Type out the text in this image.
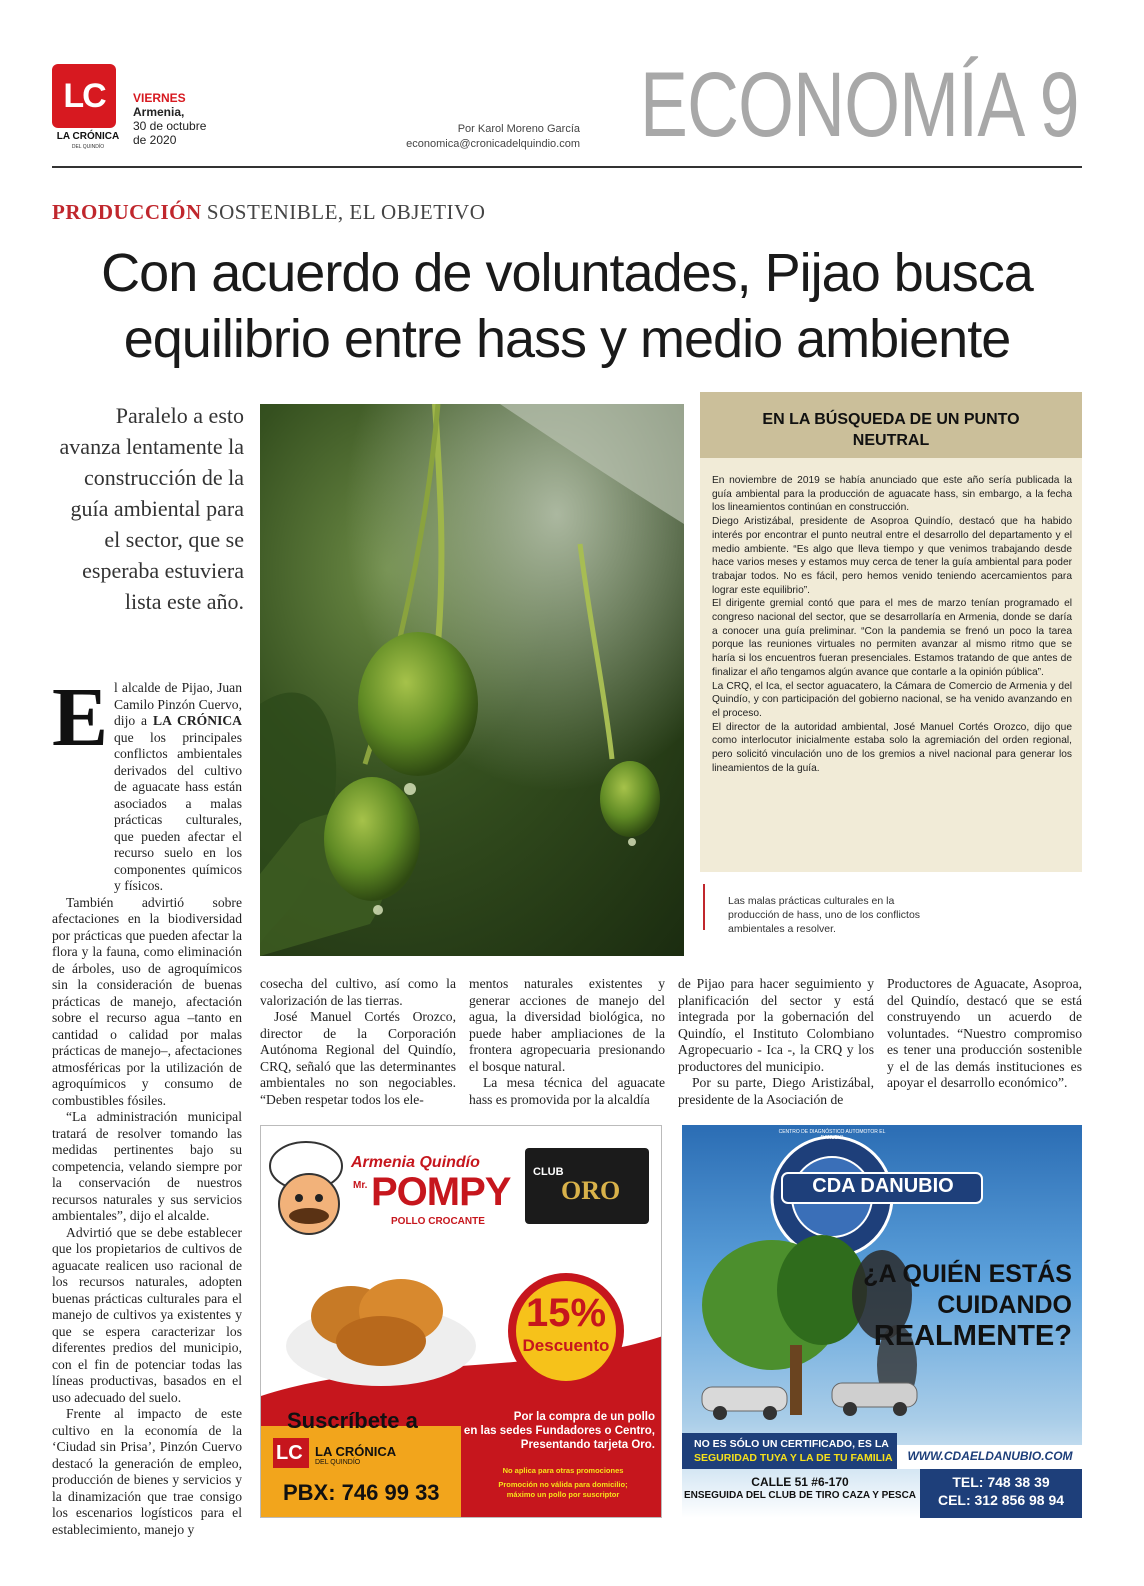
LC
LA CRÓNICA
DEL QUINDÍO
VIERNES
Armenia,
30 de octubre
de 2020
Por Karol Moreno García
economica@cronicadelquindio.com ECONOMÍA 9
PRODUCCIÓN SOSTENIBLE, EL OBJETIVO
Con acuerdo de voluntades, Pijao busca
equilibrio entre hass y medio ambiente
Paralelo a esto avanza lentamente la construcción de la guía ambiental para el sector, que se esperaba estuviera lista este año.
EN LA BÚSQUEDA DE UN PUNTO NEUTRAL

En noviembre de 2019 se había anunciado que este año sería publicada la guía ambiental para la producción de aguacate hass, sin embargo, a la fecha los lineamientos continúan en construcción.

Diego Aristizábal, presidente de Asoproa Quindío, destacó que ha habido interés por encontrar el punto neutral entre el desarrollo del departamento y el medio ambiente. “Es algo que lleva tiempo y que venimos trabajando desde hace varios meses y estamos muy cerca de tener la guía ambiental para poder trabajar todos. No es fácil, pero hemos venido teniendo acercamientos para lograr este equilibrio”.

El dirigente gremial contó que para el mes de marzo tenían programado el congreso nacional del sector, que se desarrollaría en Armenia, donde se daría a conocer una guía preliminar. “Con la pandemia se frenó un poco la tarea porque las reuniones virtuales no permiten avanzar al mismo ritmo que se haría si los encuentros fueran presenciales. Estamos tratando de que antes de finalizar el año tengamos algún avance que contarle a la opinión pública”.

La CRQ, el Ica, el sector aguacatero, la Cámara de Comercio de Armenia y del Quindío, y con participación del gobierno nacional, se ha venido avanzando en el proceso.

El director de la autoridad ambiental, José Manuel Cortés Orozco, dijo que como interlocutor inicialmente estaba solo la agremiación del orden regional, pero solicitó vinculación uno de los gremios a nivel nacional para generar los lineamientos de la guía.

Las malas prácticas culturales en la producción de hass, uno de los conflictos ambientales a resolver.
E l alcalde de Pijao, Juan Camilo Pinzón Cuervo, dijo a LA CRÓNICA que los principales conflictos ambientales derivados del cultivo de aguacate hass están asociados a malas prácticas culturales, que pueden afectar el recurso suelo en los componentes químicos y físicos.

También advirtió sobre afectaciones en la biodiversidad por prácticas que pueden afectar la flora y la fauna, como eliminación de árboles, uso de agroquímicos sin la consideración de buenas prácticas de manejo, afectación sobre el recurso agua –tanto en cantidad o calidad por malas prácticas de manejo–, afectaciones atmosféricas por la utilización de agroquímicos y consumo de combustibles fósiles.

“La administración municipal tratará de resolver tomando las medidas pertinentes bajo su competencia, velando siempre por la conservación de nuestros recursos naturales y sus servicios ambientales”, dijo el alcalde.

Advirtió que se debe establecer que los propietarios de cultivos de aguacate realicen uso racional de los recursos naturales, adopten buenas prácticas culturales para el manejo de cultivos ya existentes y que se espera caracterizar los diferentes predios del municipio, con el fin de potenciar todas las líneas productivas, basados en el uso adecuado del suelo.

Frente al impacto de este cultivo en la economía de la ‘Ciudad sin Prisa’, Pinzón Cuervo destacó la generación de empleo, producción de bienes y servicios y la dinamización que trae consigo los escenarios logísticos para el establecimiento, manejo y

cosecha del cultivo, así como la valorización de las tierras.

José Manuel Cortés Orozco, director de la Corporación Autónoma Regional del Quindío, CRQ, señaló que las determinantes ambientales no son negociables. “Deben respetar todos los ele-

mentos naturales existentes y generar acciones de manejo del agua, la diversidad biológica, no puede haber ampliaciones de la frontera agropecuaria presionando el bosque natural.

La mesa técnica del aguacate hass es promovida por la alcaldía

de Pijao para hacer seguimiento y planificación del sector y está integrada por la gobernación del Quindío, el Instituto Colombiano Agropecuario - Ica -, la CRQ y los productores del municipio.

Por su parte, Diego Aristizábal, presidente de la Asociación de

Productores de Aguacate, Asoproa, del Quindío, destacó que se está construyendo un acuerdo de voluntades. “Nuestro compromiso es tener una producción sostenible y el de las demás instituciones es apoyar el desarrollo económico”.

Armenia Quindío
Mr. POMPY
POLLO CROCANTE
CLUB
ORO
15%
Descuento
Suscríbete a
LC LA CRÓNICA
DEL QUINDÍO
PBX: 746 99 33
Por la compra de un pollo
en las sedes Fundadores o Centro,
Presentando tarjeta Oro.
No aplica para otras promociones
Promoción no válida para domicilio;
máximo un pollo por suscriptor
CDA DANUBIO
CENTRO DE DIAGNÓSTICO AUTOMOTOR EL DANUBIO
¿A QUIÉN ESTÁS
CUIDANDO
REALMENTE?
NO ES SÓLO UN CERTIFICADO, ES LA
SEGURIDAD TUYA Y LA DE TU FAMILIA	WWW.CDAELDANUBIO.COM
CALLE 51 #6-170
ENSEGUIDA DEL CLUB DE TIRO CAZA Y PESCA
TEL: 748 38 39
CEL: 312 856 98 94
